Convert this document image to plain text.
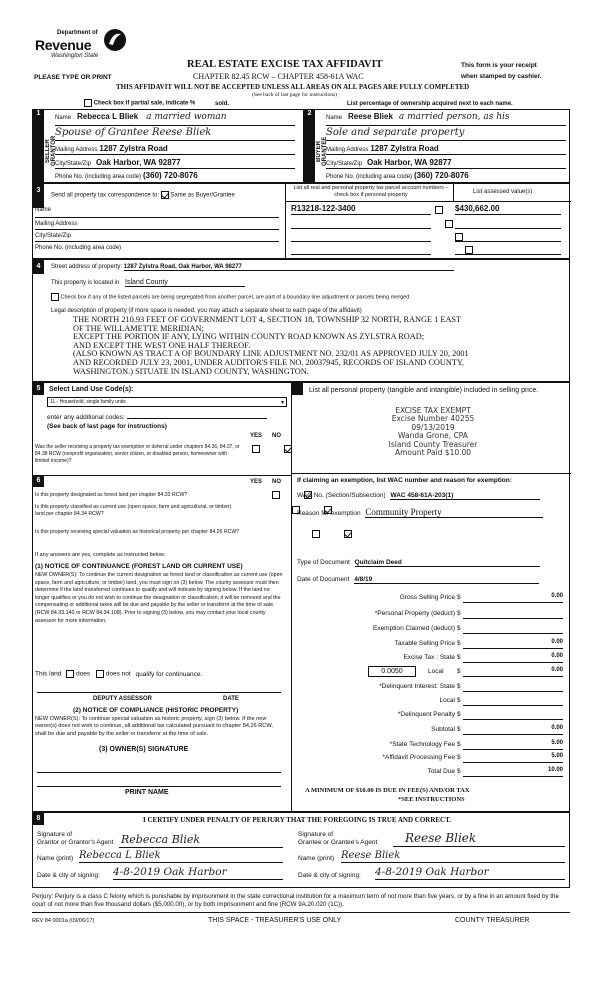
Department of
Revenue
Washington State
PLEASE TYPE OR PRINT
REAL ESTATE EXCISE TAX AFFIDAVIT
CHAPTER 82.45 RCW – CHAPTER 458-61A WAC
THIS AFFIDAVIT WILL NOT BE ACCEPTED UNLESS ALL AREAS ON ALL PAGES ARE FULLY COMPLETED
(See back of last page for instructions)
This form is your receipt
when stamped by cashier.
Check box if partial sale, indicate %	sold.	List percentage of ownership acquired next to each name.
1
SELLER GRANTOR
Name Rebecca L Bliek a married woman
Spouse of Grantee Reese Bliek
Mailing Address 1287 Zylstra Road
City/State/Zip Oak Harbor, WA 92877
Phone No. (including area code) (360) 720-8076
2
BUYER GRANTEE
Name Reese Bliek a married person, as his
Sole and separate property
Mailing Address 1287 Zylstra Road
City/State/Zip Oak Harbor, WA 92877
Phone No. (including area code) (360) 720-8076
3
Send all property tax correspondence to: Same as Buyer/Grantee
Name
Mailing Address
City/State/Zip
Phone No. (including area code)
List all real and personal property tax parcel account numbers – check box if personal property	List assessed value(s)
R13218-122-3400
	$430,662.00

4	Street address of property: 1287 Zylstra Road, Oak Harbor, WA 98277
This property is located in Island County
Check box if any of the listed parcels are being segregated from another parcel, are part of a boundary line adjustment or parcels being merged.
Legal description of property (if more space is needed, you may attach a separate sheet to each page of the affidavit)
THE NORTH 210.93 FEET OF GOVERNMENT LOT 4, SECTION 18, TOWNSHIP 32 NORTH, RANGE 1 EAST
OF THE WILLAMETTE MERIDIAN;
EXCEPT THE PORTION IF ANY, LYING WITHIN COUNTY ROAD KNOWN AS ZYLSTRA ROAD;
AND EXCEPT THE WEST ONE HALF THEREOF.
(ALSO KNOWN AS TRACT A OF BOUNDARY LINE ADJUSTMENT NO. 232/01 AS APPROVED JULY 20, 2001
AND RECORDED JULY 23, 2001, UNDER AUDITOR'S FILE NO. 20037945, RECORDS OF ISLAND COUNTY,
WASHINGTON.) SITUATE IN ISLAND COUNTY, WASHINGTON.
5	Select Land Use Code(s):
11 - Household, single family units	▾
enter any additional codes:
(See back of last page for instructions)
YES NO
Was the seller receiving a property tax exemption or deferral under chapters 84.36, 84.37, or 84.38 RCW (nonprofit organization, senior citizen, or disabled person, homeowner with limited income)?

6	YES NO
Is this property designated as forest land per chapter 84.33 RCW?

Is this property classified as current use (open space, farm and agricultural, or timber) land per chapter 84.34 RCW?

Is this property receiving special valuation as historical property per chapter 84.26 RCW?

If any answers are yes, complete as instructed below.
(1) NOTICE OF CONTINUANCE (FOREST LAND OR CURRENT USE)
NEW OWNER(S): To continue the current designation as forest land or classification as current use (open space, farm and agriculture, or timber) land, you must sign on (3) below. The county assessor must then determine if the land transferred continues to qualify and will indicate by signing below. If the land no longer qualifies or you do not wish to continue the designation or classification, it will be removed and the compensating or additional taxes will be due and payable by the seller or transferor at the time of sale. (RCW 84.33.140 or RCW 84.34.108). Prior to signing (3) below, you may contact your local county assessor for more information.
This land does does not qualify for continuance.
DEPUTY ASSESSOR	DATE
(2) NOTICE OF COMPLIANCE (HISTORIC PROPERTY)
NEW OWNER(S): To continue special valuation as historic property, sign (3) below. If the new owner(s) does not wish to continue, all additional tax calculated pursuant to chapter 84.26 RCW, shall be due and payable by the seller or transferor at the time of sale.
(3) OWNER(S) SIGNATURE
PRINT NAME
List all personal property (tangible and intangible) included in selling price.
EXCISE TAX EXEMPT
Excise Number 40255
09/13/2019
Wanda Grone, CPA
Island County Treasurer
Amount Paid $10.00
If claiming an exemption, list WAC number and reason for exemption:
WAC No. (Section/Subsection) WAC 458-61A-203(1)
Reason for exemption Community Property
Type of Document Quitclaim Deed
Date of Document 4/8/19
Gross Selling Price $	0.00
*Personal Property (deduct) $
Exemption Claimed (deduct) $
Taxable Selling Price $	0.00
Excise Tax : State $	0.00
0.0050	Local $	0.00
*Delinquent Interest: State $
Local $
*Delinquent Penalty $
Subtotal $	0.00
*State Technology Fee $	5.00
*Affidavit Processing Fee $	5.00
Total Due $	10.00
A MINIMUM OF $10.00 IS DUE IN FEE(S) AND/OR TAX
*SEE INSTRUCTIONS
8	I CERTIFY UNDER PENALTY OF PERJURY THAT THE FOREGOING IS TRUE AND CORRECT.
Signature of
Grantor or Grantor's Agent Rebecca Bliek
Name (print) Rebecca L Bliek
Date & city of signing: 4-8-2019 Oak Harbor
Signature of
Grantee or Grantee's Agent	Reese Bliek
Name (print) Reese Bliek
Date & city of signing: 4-8-2019 Oak Harbor
Perjury: Perjury is a class C felony which is punishable by imprisonment in the state correctional institution for a maximum term of not more than five years, or by a fine in an amount fixed by the court of not more than five thousand dollars ($5,000.00), or by both imprisonment and fine (RCW 9A.20.020 (1C)).
REV 84 0001a (09/06/17)	THIS SPACE - TREASURER'S USE ONLY	COUNTY TREASURER
